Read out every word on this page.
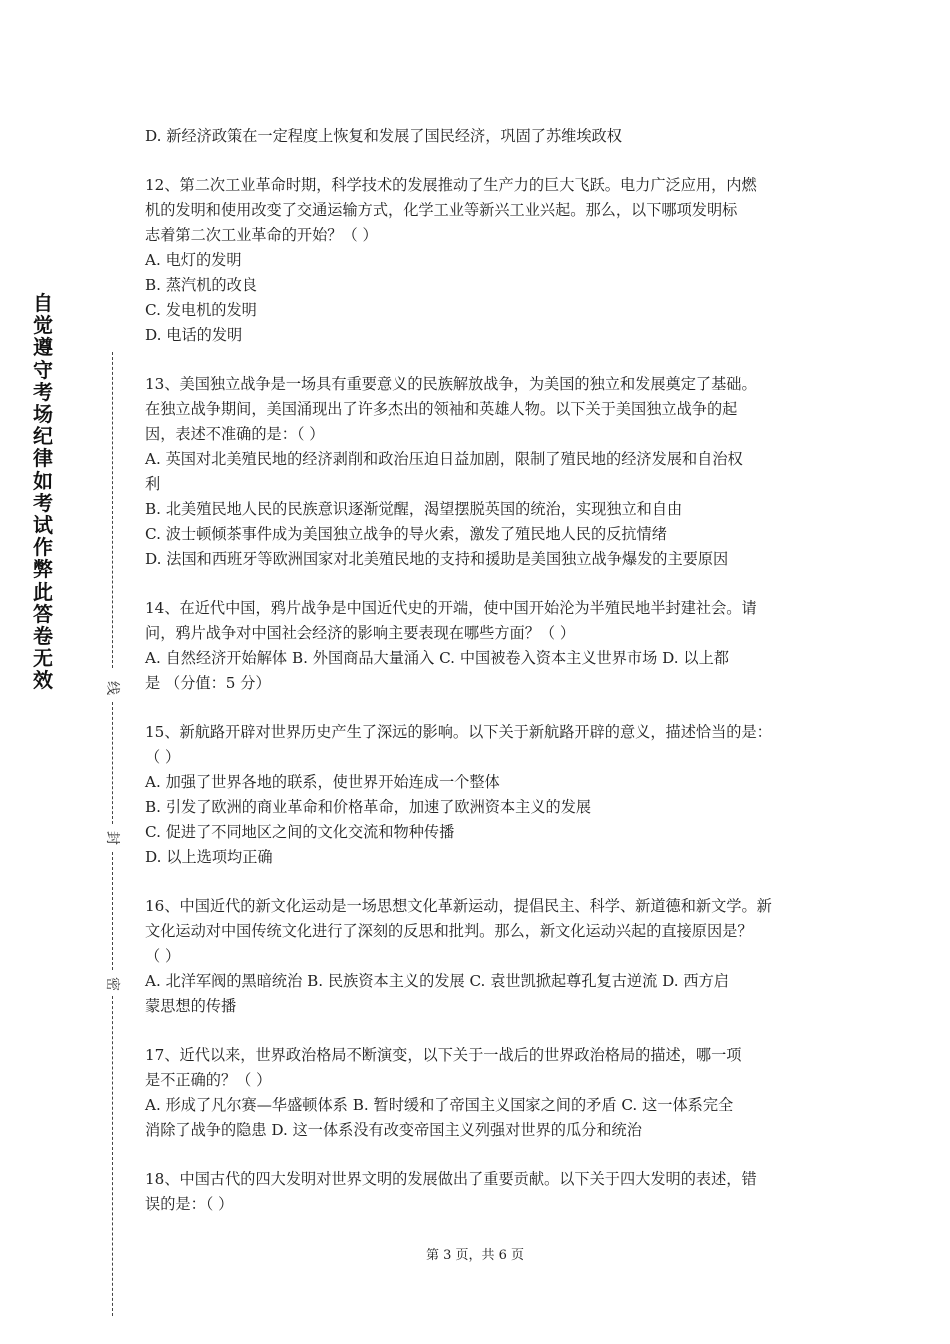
自觉遵守考场纪律如考试作弊此答卷无效	线
封
密

D. 新经济政策在一定程度上恢复和发展了国民经济，巩固了苏维埃政权

12、第二次工业革命时期，科学技术的发展推动了生产力的巨大飞跃。电力广泛应用，内燃

机的发明和使用改变了交通运输方式，化学工业等新兴工业兴起。那么，以下哪项发明标

志着第二次工业革命的开始？（ ）

A. 电灯的发明

B. 蒸汽机的改良

C. 发电机的发明

D. 电话的发明

13、美国独立战争是一场具有重要意义的民族解放战争，为美国的独立和发展奠定了基础。

在独立战争期间，美国涌现出了许多杰出的领袖和英雄人物。以下关于美国独立战争的起

因，表述不准确的是：（ ）

A. 英国对北美殖民地的经济剥削和政治压迫日益加剧，限制了殖民地的经济发展和自治权

利

B. 北美殖民地人民的民族意识逐渐觉醒，渴望摆脱英国的统治，实现独立和自由

C. 波士顿倾茶事件成为美国独立战争的导火索，激发了殖民地人民的反抗情绪

D. 法国和西班牙等欧洲国家对北美殖民地的支持和援助是美国独立战争爆发的主要原因

14、在近代中国，鸦片战争是中国近代史的开端，使中国开始沦为半殖民地半封建社会。请

问，鸦片战争对中国社会经济的影响主要表现在哪些方面？（ ）

A. 自然经济开始解体 B. 外国商品大量涌入 C. 中国被卷入资本主义世界市场 D. 以上都

是 （分值：5 分）

15、新航路开辟对世界历史产生了深远的影响。以下关于新航路开辟的意义，描述恰当的是：

（ ）

A. 加强了世界各地的联系，使世界开始连成一个整体

B. 引发了欧洲的商业革命和价格革命，加速了欧洲资本主义的发展

C. 促进了不同地区之间的文化交流和物种传播

D. 以上选项均正确

16、中国近代的新文化运动是一场思想文化革新运动，提倡民主、科学、新道德和新文学。新

文化运动对中国传统文化进行了深刻的反思和批判。那么，新文化运动兴起的直接原因是？

（ ）

A. 北洋军阀的黑暗统治 B. 民族资本主义的发展 C. 袁世凯掀起尊孔复古逆流 D. 西方启

蒙思想的传播

17、近代以来，世界政治格局不断演变，以下关于一战后的世界政治格局的描述，哪一项

是不正确的？（ ）

A. 形成了凡尔赛—华盛顿体系 B. 暂时缓和了帝国主义国家之间的矛盾 C. 这一体系完全

消除了战争的隐患 D. 这一体系没有改变帝国主义列强对世界的瓜分和统治

18、中国古代的四大发明对世界文明的发展做出了重要贡献。以下关于四大发明的表述，错

误的是：（ ）

第 3 页，共 6 页
